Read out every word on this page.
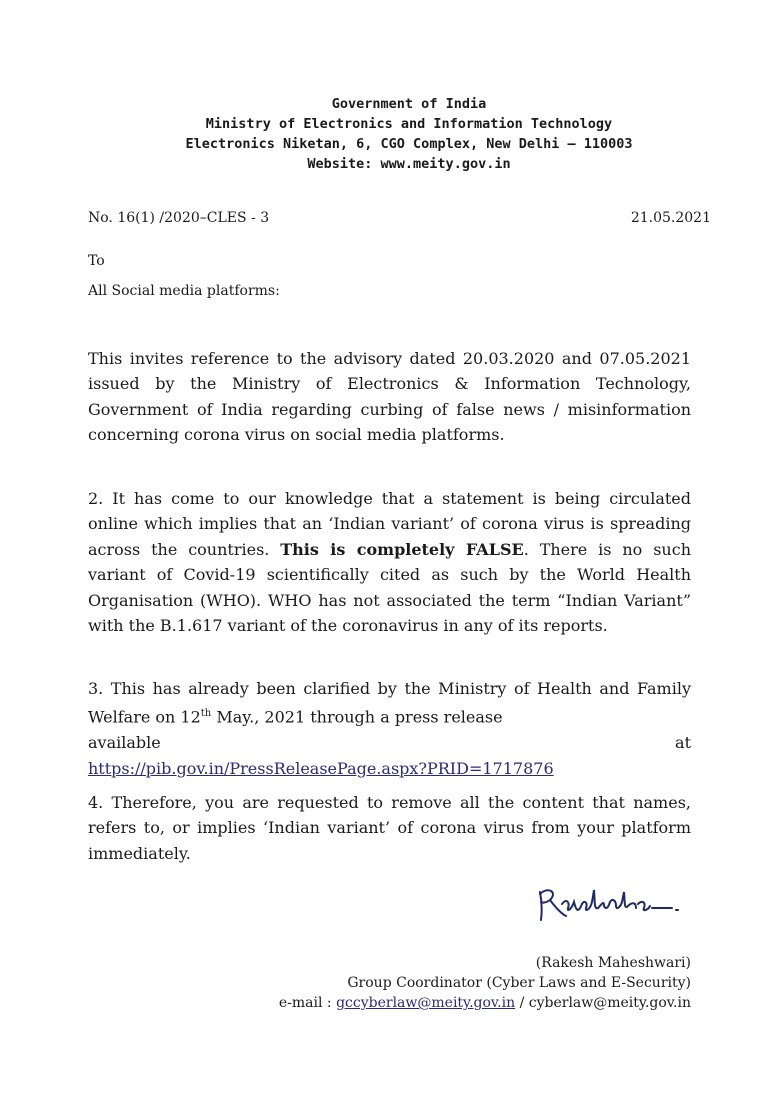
Government of India
Ministry of Electronics and Information Technology
Electronics Niketan, 6, CGO Complex, New Delhi – 110003
Website: www.meity.gov.in
No. 16(1) /2020–CLES - 3	21.05.2021
To
All Social media platforms:
This invites reference to the advisory dated 20.03.2020 and 07.05.2021 issued by the Ministry of Electronics & Information Technology, Government of India regarding curbing of false news / misinformation concerning corona virus on social media platforms.
2. It has come to our knowledge that a statement is being circulated online which implies that an ‘Indian variant’ of corona virus is spreading across the countries. This is completely FALSE. There is no such variant of Covid-19 scientifically cited as such by the World Health Organisation (WHO). WHO has not associated the term “Indian Variant” with the B.1.617 variant of the coronavirus in any of its reports.
3. This has already been clarified by the Ministry of Health and Family Welfare on 12th May., 2021 through a press release
available	at
https://pib.gov.in/PressReleasePage.aspx?PRID=1717876
4. Therefore, you are requested to remove all the content that names, refers to, or implies ‘Indian variant’ of corona virus from your platform immediately.
(Rakesh Maheshwari)
Group Coordinator (Cyber Laws and E-Security)
e-mail : gccyberlaw@meity.gov.in / cyberlaw@meity.gov.in
